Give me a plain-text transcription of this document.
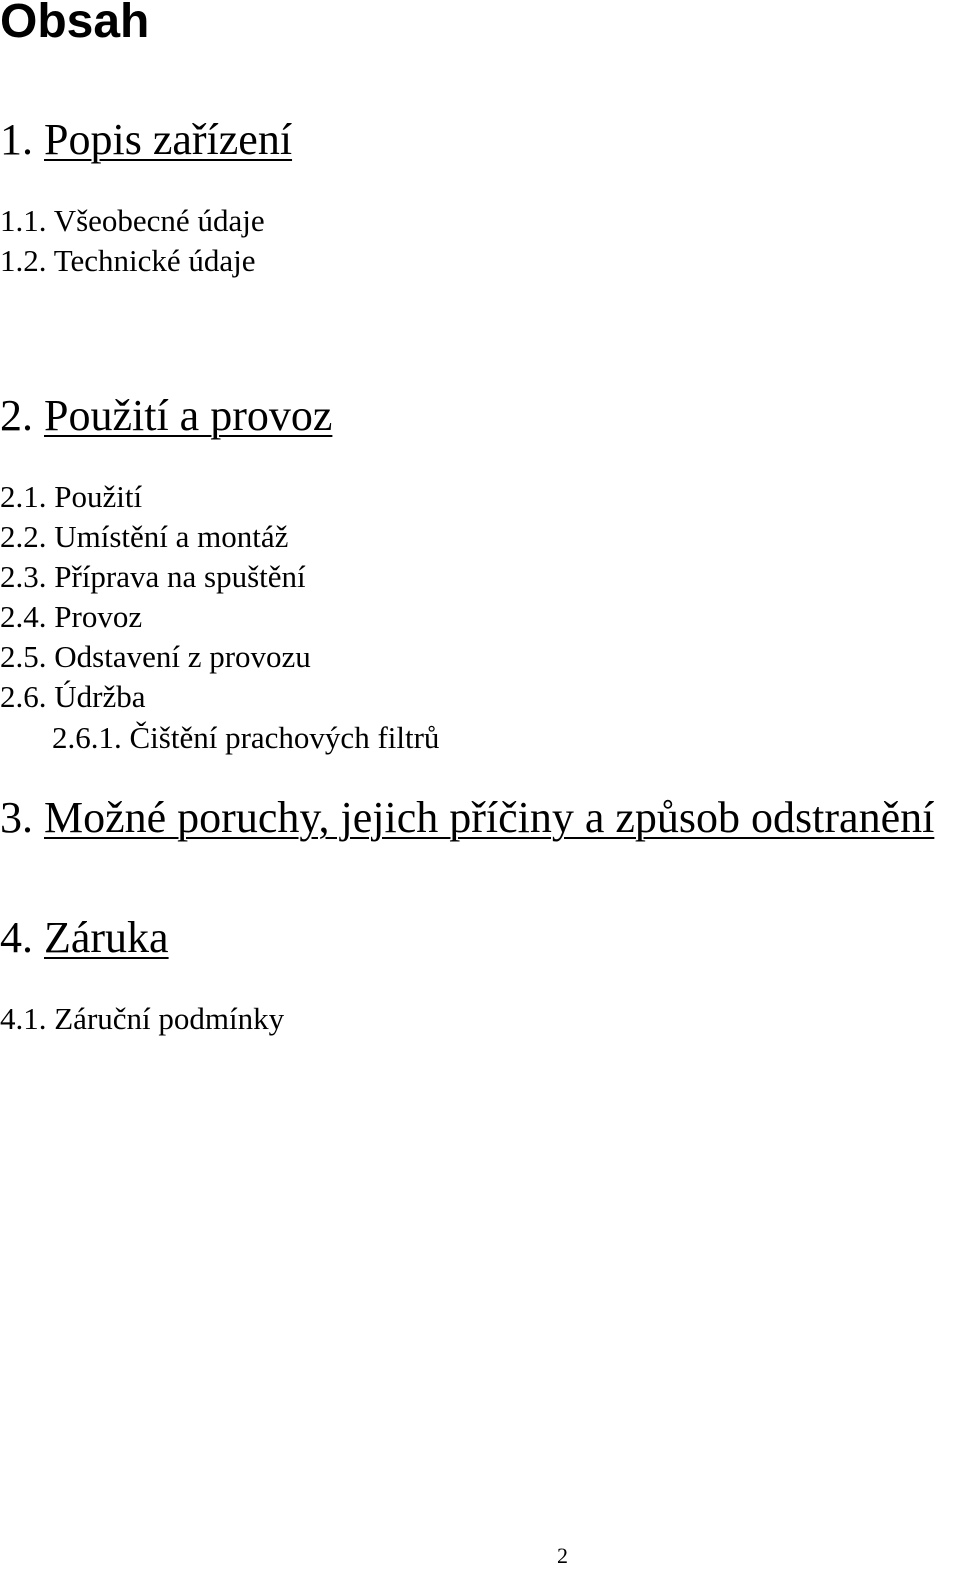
Obsah
1. Popis zařízení
1.1. Všeobecné údaje
1.2. Technické údaje
2. Použití a provoz
2.1. Použití
2.2. Umístění a montáž
2.3. Příprava na spuštění
2.4. Provoz
2.5. Odstavení z provozu
2.6. Údržba
2.6.1. Čištění prachových filtrů
3. Možné poruchy, jejich příčiny a způsob odstranění
4. Záruka
4.1. Záruční podmínky
2
